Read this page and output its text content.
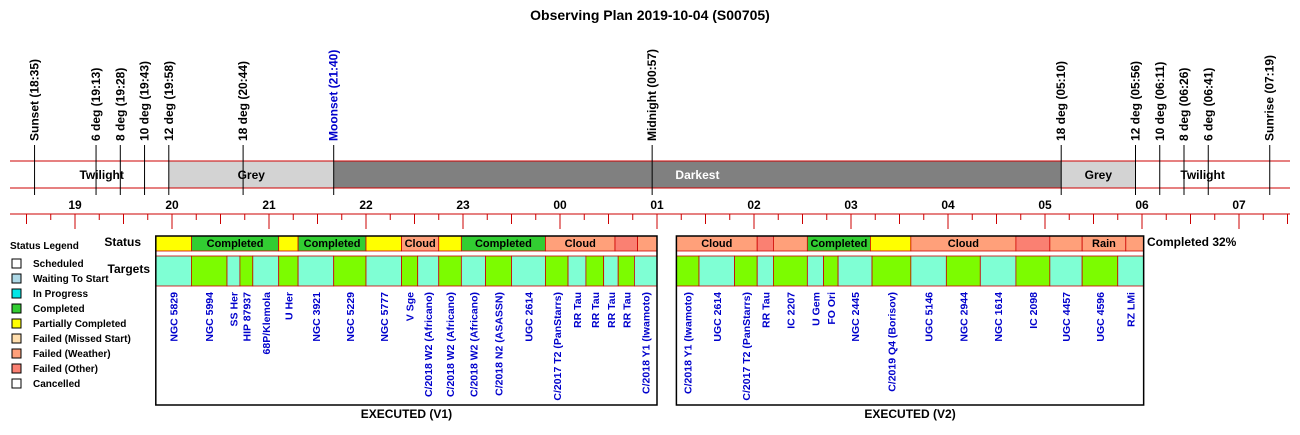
Observing Plan 2019-10-04 (S00705)
Twilight	Grey	Darkest	Grey	Twilight
Sunset (18:35)	6 deg (19:13) 8 deg (19:28) 10 deg (19:43) 12 deg (19:58)	18 deg (20:44)	Moonset (21:40)	Midnight (00:57)	18 deg (05:10)	12 deg (05:56) 10 deg (06:11) 8 deg (06:26) 6 deg (06:41)	Sunrise (07:19)
19	20	21	22	23	00	01	02	03	04	05	06	07
Status
Targets
Completed	Completed	Cloud	Completed	Cloud
NGC 5829 NGC 5994 SS Her HIP 87937 68P/Klemola U Her NGC 3921 NGC 5229 NGC 5777 V Sge C/2018 W2 (Africano) C/2018 W2 (Africano) C/2018 W2 (Africano) C/2018 N2 (ASASSN) UGC 2614 C/2017 T2 (PanStarrs) RR Tau RR Tau RR Tau RR Tau C/2018 Y1 (Iwamoto)
EXECUTED (V1)
Cloud	Completed	Cloud	Rain
C/2018 Y1 (Iwamoto) UGC 2614 C/2017 T2 (PanStarrs) RR Tau IC 2207 U Gem FO Ori NGC 2445 C/2019 Q4 (Borisov) UGC 5146 NGC 2944 NGC 1614 IC 2098 UGC 4457 UGC 4596 RZ LMi
EXECUTED (V2)
Status Legend
Scheduled
Waiting To Start
In Progress
Completed
Partially Completed
Failed (Missed Start)
Failed (Weather)
Failed (Other)
Cancelled
Completed 32%
